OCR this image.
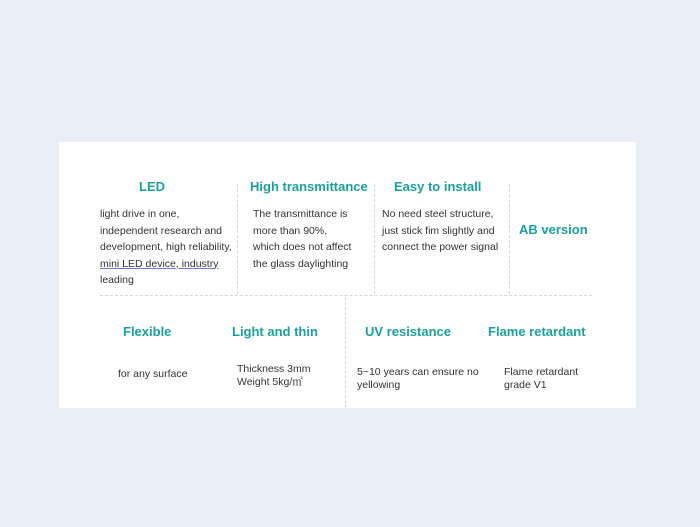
LED
light drive in one,
independent research and
development, high reliability,
mini LED device, industry
leading
High transmittance
The transmittance is
more than 90%,
which does not affect
the glass daylighting
Easy to install
No need steel structure,
just stick fim slightly and
connect the power signal
AB version
Flexible
for any surface
Light and thin
Thickness 3mm
Weight 5kg/㎡
UV resistance
5~10 years can ensure no
yellowing
Flame retardant
Flame retardant
grade V1
